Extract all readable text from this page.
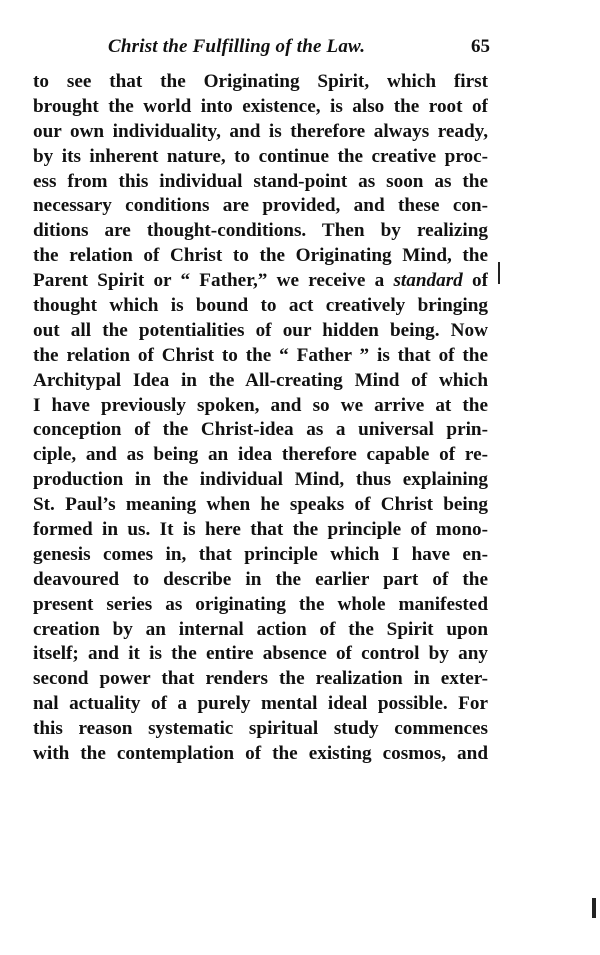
Christ the Fulfilling of the Law.	65
to see that the Originating Spirit, which first
brought the world into existence, is also the root of
our own individuality, and is therefore always ready,
by its inherent nature, to continue the creative proc-
ess from this individual stand-point as soon as the
necessary conditions are provided, and these con-
ditions are thought-conditions. Then by realizing
the relation of Christ to the Originating Mind, the
Parent Spirit or “ Father,” we receive a standard of
thought which is bound to act creatively bringing
out all the potentialities of our hidden being. Now
the relation of Christ to the “ Father ” is that of the
Architypal Idea in the All-creating Mind of which
I have previously spoken, and so we arrive at the
conception of the Christ-idea as a universal prin-
ciple, and as being an idea therefore capable of re-
production in the individual Mind, thus explaining
St. Paul’s meaning when he speaks of Christ being
formed in us. It is here that the principle of mono-
genesis comes in, that principle which I have en-
deavoured to describe in the earlier part of the
present series as originating the whole manifested
creation by an internal action of the Spirit upon
itself; and it is the entire absence of control by any
second power that renders the realization in exter-
nal actuality of a purely mental ideal possible. For
this reason systematic spiritual study commences
with the contemplation of the existing cosmos, and
